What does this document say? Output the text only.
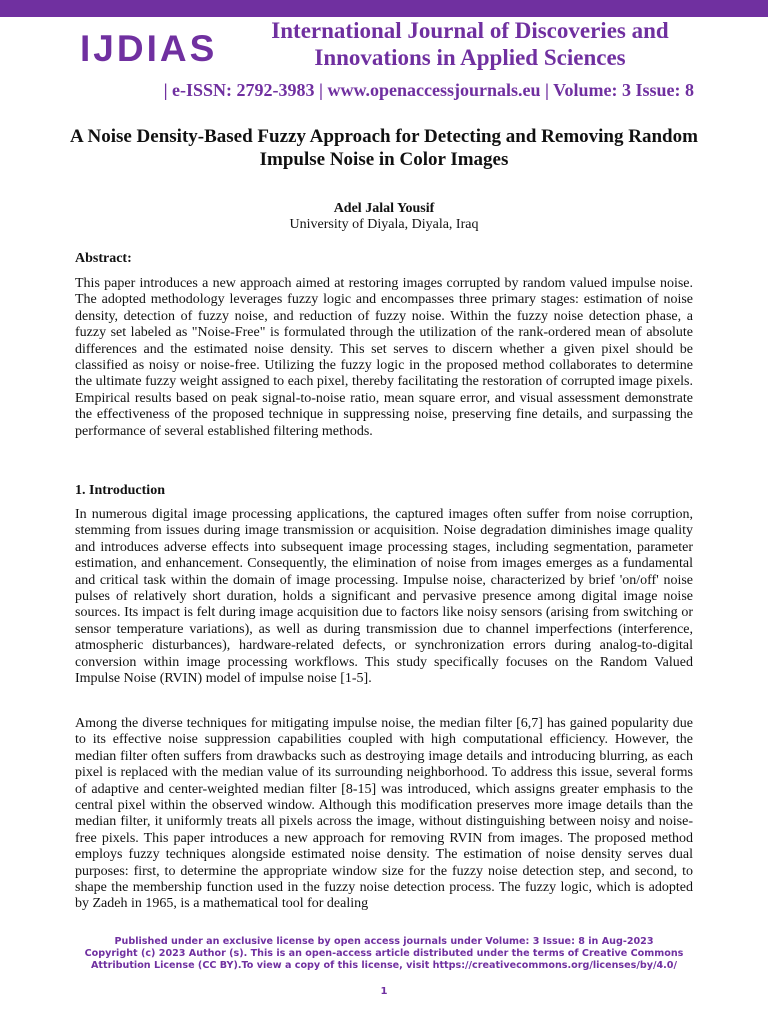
IJDIAS	International Journal of Discoveries and Innovations in Applied Sciences
| e-ISSN: 2792-3983 | www.openaccessjournals.eu | Volume: 3 Issue: 8
A Noise Density-Based Fuzzy Approach for Detecting and Removing Random Impulse Noise in Color Images
Adel Jalal Yousif
University of Diyala, Diyala, Iraq
Abstract:
This paper introduces a new approach aimed at restoring images corrupted by random valued impulse noise. The adopted methodology leverages fuzzy logic and encompasses three primary stages: estimation of noise density, detection of fuzzy noise, and reduction of fuzzy noise. Within the fuzzy noise detection phase, a fuzzy set labeled as "Noise-Free" is formulated through the utilization of the rank-ordered mean of absolute differences and the estimated noise density. This set serves to discern whether a given pixel should be classified as noisy or noise-free. Utilizing the fuzzy logic in the proposed method collaborates to determine the ultimate fuzzy weight assigned to each pixel, thereby facilitating the restoration of corrupted image pixels. Empirical results based on peak signal-to-noise ratio, mean square error, and visual assessment demonstrate the effectiveness of the proposed technique in suppressing noise, preserving fine details, and surpassing the performance of several established filtering methods.
1. Introduction
In numerous digital image processing applications, the captured images often suffer from noise corruption, stemming from issues during image transmission or acquisition. Noise degradation diminishes image quality and introduces adverse effects into subsequent image processing stages, including segmentation, parameter estimation, and enhancement. Consequently, the elimination of noise from images emerges as a fundamental and critical task within the domain of image processing. Impulse noise, characterized by brief 'on/off' noise pulses of relatively short duration, holds a significant and pervasive presence among digital image noise sources. Its impact is felt during image acquisition due to factors like noisy sensors (arising from switching or sensor temperature variations), as well as during transmission due to channel imperfections (interference, atmospheric disturbances), hardware-related defects, or synchronization errors during analog-to-digital conversion within image processing workflows. This study specifically focuses on the Random Valued Impulse Noise (RVIN) model of impulse noise [1-5].
Among the diverse techniques for mitigating impulse noise, the median filter [6,7] has gained popularity due to its effective noise suppression capabilities coupled with high computational efficiency. However, the median filter often suffers from drawbacks such as destroying image details and introducing blurring, as each pixel is replaced with the median value of its surrounding neighborhood. To address this issue, several forms of adaptive and center-weighted median filter [8-15] was introduced, which assigns greater emphasis to the central pixel within the observed window. Although this modification preserves more image details than the median filter, it uniformly treats all pixels across the image, without distinguishing between noisy and noise-free pixels. This paper introduces a new approach for removing RVIN from images. The proposed method employs fuzzy techniques alongside estimated noise density. The estimation of noise density serves dual purposes: first, to determine the appropriate window size for the fuzzy noise detection step, and second, to shape the membership function used in the fuzzy noise detection process. The fuzzy logic, which is adopted by Zadeh in 1965, is a mathematical tool for dealing
Published under an exclusive license by open access journals under Volume: 3 Issue: 8 in Aug-2023
Copyright (c) 2023 Author (s). This is an open-access article distributed under the terms of Creative Commons
Attribution License (CC BY).To view a copy of this license, visit https://creativecommons.org/licenses/by/4.0/
1
